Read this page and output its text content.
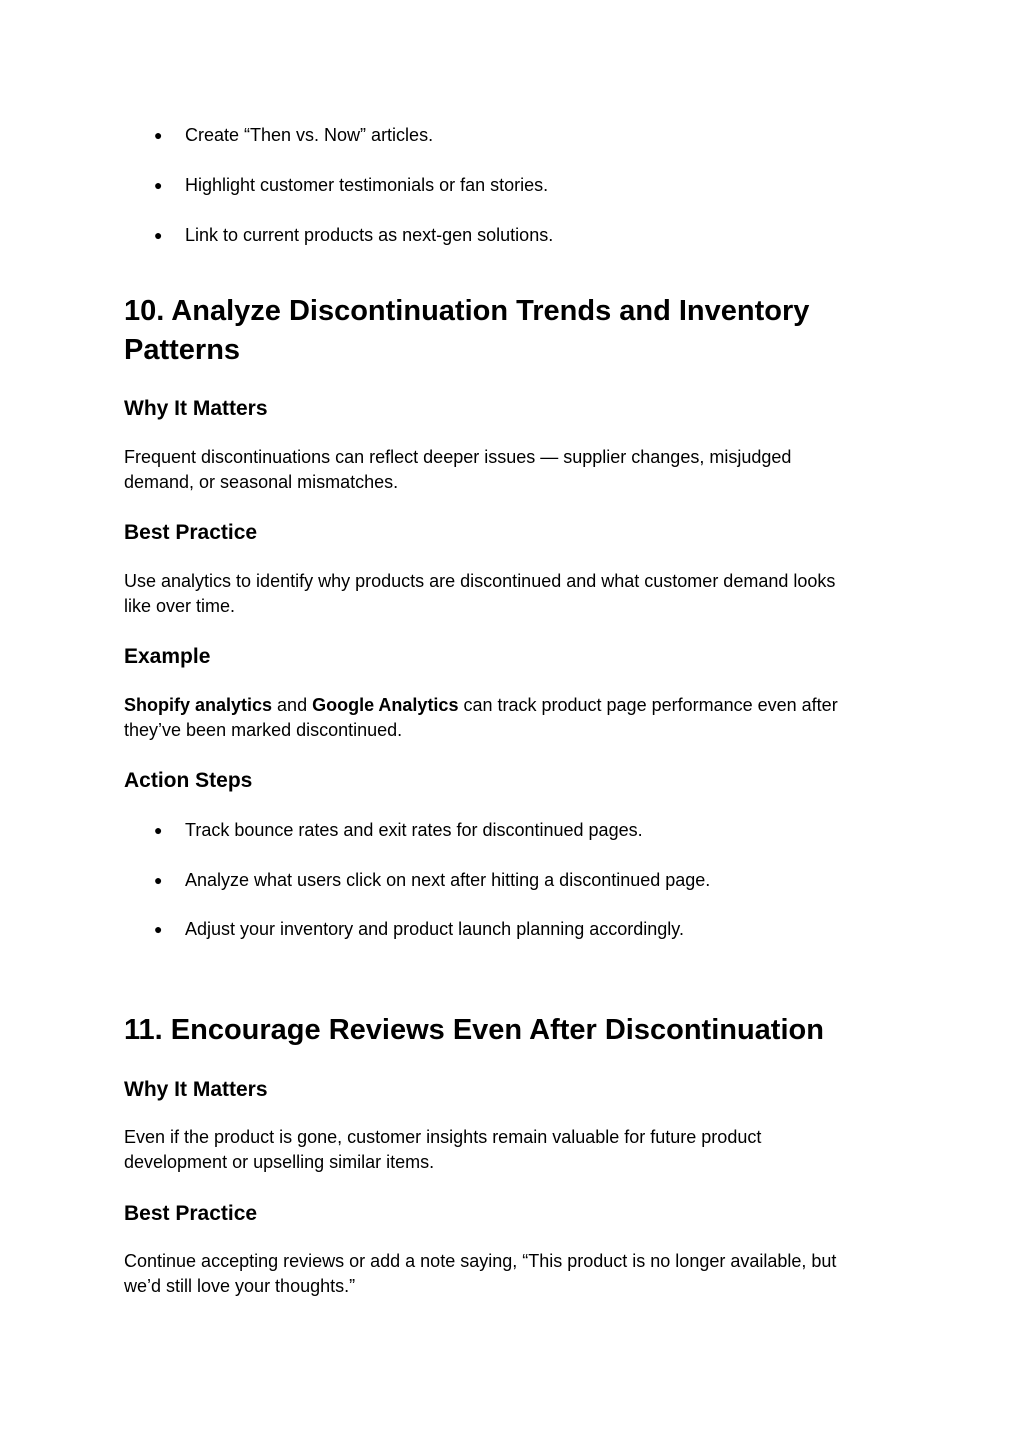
● Create “Then vs. Now” articles.
● Highlight customer testimonials or fan stories.
● Link to current products as next-gen solutions.
10. Analyze Discontinuation Trends and Inventory
Patterns
Why It Matters

Frequent discontinuations can reflect deeper issues — supplier changes, misjudged
demand, or seasonal mismatches.

Best Practice

Use analytics to identify why products are discontinued and what customer demand looks
like over time.

Example

Shopify analytics and Google Analytics can track product page performance even after
they’ve been marked discontinued.

Action Steps
● Track bounce rates and exit rates for discontinued pages.
● Analyze what users click on next after hitting a discontinued page.
● Adjust your inventory and product launch planning accordingly.
11. Encourage Reviews Even After Discontinuation
Why It Matters

Even if the product is gone, customer insights remain valuable for future product
development or upselling similar items.

Best Practice

Continue accepting reviews or add a note saying, “This product is no longer available, but
we’d still love your thoughts.”
